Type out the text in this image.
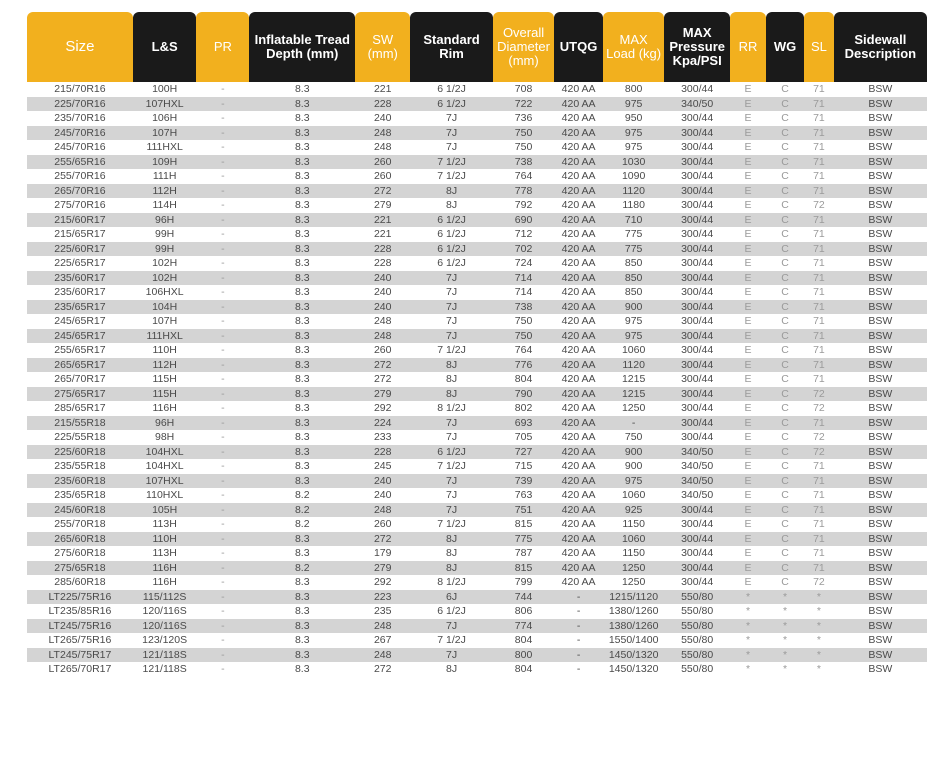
Size	L&S	PR	Inflatable Tread Depth (mm)	SW (mm)	Standard Rim	Overall Diameter (mm)	UTQG	MAX Load (kg)	MAX Pressure Kpa/PSI	RR	WG	SL	Sidewall Description
215/70R16	100H	-	8.3	221	6 1/2J	708	420 AA	800	300/44	E	C	71	BSW
225/70R16	107HXL	-	8.3	228	6 1/2J	722	420 AA	975	340/50	E	C	71	BSW
235/70R16	106H	-	8.3	240	7J	736	420 AA	950	300/44	E	C	71	BSW
245/70R16	107H	-	8.3	248	7J	750	420 AA	975	300/44	E	C	71	BSW
245/70R16	111HXL	-	8.3	248	7J	750	420 AA	975	300/44	E	C	71	BSW
255/65R16	109H	-	8.3	260	7 1/2J	738	420 AA	1030	300/44	E	C	71	BSW
255/70R16	111H	-	8.3	260	7 1/2J	764	420 AA	1090	300/44	E	C	71	BSW
265/70R16	112H	-	8.3	272	8J	778	420 AA	1120	300/44	E	C	71	BSW
275/70R16	114H	-	8.3	279	8J	792	420 AA	1180	300/44	E	C	72	BSW
215/60R17	96H	-	8.3	221	6 1/2J	690	420 AA	710	300/44	E	C	71	BSW
215/65R17	99H	-	8.3	221	6 1/2J	712	420 AA	775	300/44	E	C	71	BSW
225/60R17	99H	-	8.3	228	6 1/2J	702	420 AA	775	300/44	E	C	71	BSW
225/65R17	102H	-	8.3	228	6 1/2J	724	420 AA	850	300/44	E	C	71	BSW
235/60R17	102H	-	8.3	240	7J	714	420 AA	850	300/44	E	C	71	BSW
235/60R17	106HXL	-	8.3	240	7J	714	420 AA	850	300/44	E	C	71	BSW
235/65R17	104H	-	8.3	240	7J	738	420 AA	900	300/44	E	C	71	BSW
245/65R17	107H	-	8.3	248	7J	750	420 AA	975	300/44	E	C	71	BSW
245/65R17	111HXL	-	8.3	248	7J	750	420 AA	975	300/44	E	C	71	BSW
255/65R17	110H	-	8.3	260	7 1/2J	764	420 AA	1060	300/44	E	C	71	BSW
265/65R17	112H	-	8.3	272	8J	776	420 AA	1120	300/44	E	C	71	BSW
265/70R17	115H	-	8.3	272	8J	804	420 AA	1215	300/44	E	C	71	BSW
275/65R17	115H	-	8.3	279	8J	790	420 AA	1215	300/44	E	C	72	BSW
285/65R17	116H	-	8.3	292	8 1/2J	802	420 AA	1250	300/44	E	C	72	BSW
215/55R18	96H	-	8.3	224	7J	693	420 AA	-	300/44	E	C	71	BSW
225/55R18	98H	-	8.3	233	7J	705	420 AA	750	300/44	E	C	72	BSW
225/60R18	104HXL	-	8.3	228	6 1/2J	727	420 AA	900	340/50	E	C	72	BSW
235/55R18	104HXL	-	8.3	245	7 1/2J	715	420 AA	900	340/50	E	C	71	BSW
235/60R18	107HXL	-	8.3	240	7J	739	420 AA	975	340/50	E	C	71	BSW
235/65R18	110HXL	-	8.2	240	7J	763	420 AA	1060	340/50	E	C	71	BSW
245/60R18	105H	-	8.2	248	7J	751	420 AA	925	300/44	E	C	71	BSW
255/70R18	113H	-	8.2	260	7 1/2J	815	420 AA	1150	300/44	E	C	71	BSW
265/60R18	110H	-	8.3	272	8J	775	420 AA	1060	300/44	E	C	71	BSW
275/60R18	113H	-	8.3	179	8J	787	420 AA	1150	300/44	E	C	71	BSW
275/65R18	116H	-	8.2	279	8J	815	420 AA	1250	300/44	E	C	71	BSW
285/60R18	116H	-	8.3	292	8 1/2J	799	420 AA	1250	300/44	E	C	72	BSW
LT225/75R16	115/112S	-	8.3	223	6J	744	-	1215/1120	550/80	*	*	*	BSW
LT235/85R16	120/116S	-	8.3	235	6 1/2J	806	-	1380/1260	550/80	*	*	*	BSW
LT245/75R16	120/116S	-	8.3	248	7J	774	-	1380/1260	550/80	*	*	*	BSW
LT265/75R16	123/120S	-	8.3	267	7 1/2J	804	-	1550/1400	550/80	*	*	*	BSW
LT245/75R17	121/118S	-	8.3	248	7J	800	-	1450/1320	550/80	*	*	*	BSW
LT265/70R17	121/118S	-	8.3	272	8J	804	-	1450/1320	550/80	*	*	*	BSW
